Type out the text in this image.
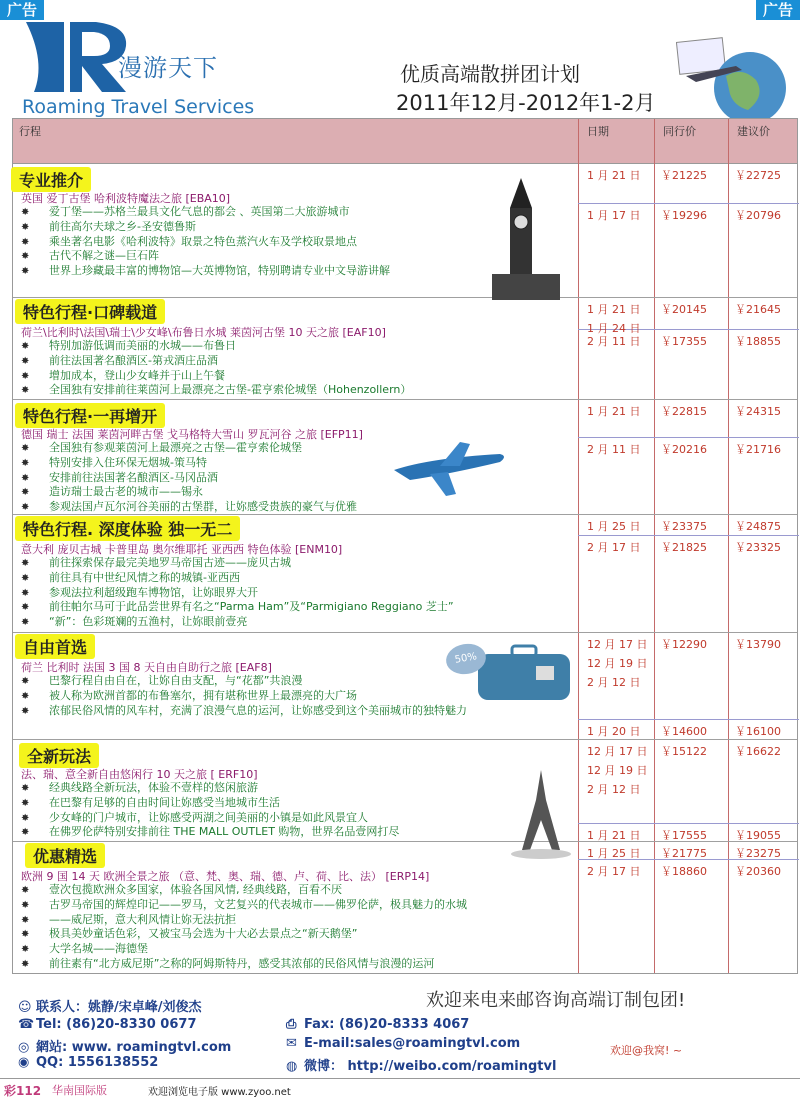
广告	广告
漫游天下
Roaming Travel Services
优质高端散拼团计划
2011年12月-2012年1-2月
行程	日期	同行价	建议价
专业推介
英国 爱丁古堡 哈利波特魔法之旅 [EBA10]
✸ 爱丁堡——苏格兰最具文化气息的都会 、英国第二大旅游城市
✸ 前往高尔夫球之乡-圣安德鲁斯
✸ 乘坐著名电影《哈利波特》取景之特色蒸汽火车及学校取景地点
✸ 古代不解之谜—巨石阵
✸ 世界上珍藏最丰富的博物馆—大英博物馆，特别聘请专业中文导游讲解
1 月 21 日 ￥21225	￥22725
1 月 17 日 ￥19296	￥20796
特色行程·口碑载道
荷兰\比利时\法国\瑞士\少女峰\布鲁日水城 莱茵河古堡 10 天之旅 [EAF10]
✸ 特别加游低调而美丽的水城——布鲁日
✸ 前往法国著名酿酒区-第戎酒庄品酒
✸ 增加成本，登山少女峰并于山上午餐
✸ 全国独有安排前往莱茵河上最漂亮之古堡-霍亨索伦城堡（Hohenzollern）
1 月 21 日
1 月 24 日
￥20145	￥21645
2 月 11 日 ￥17355	￥18855
特色行程·一再增开
德国 瑞士 法国 莱茵河畔古堡 戈马格特大雪山 罗瓦河谷 之旅 [EFP11]
✸ 全国独有参观莱茵河上最漂亮之古堡—霍亨索伦城堡
✸ 特别安排入住环保无烟城-策马特
✸ 安排前往法国著名酿酒区-马冈品酒
✸ 造访瑞士最古老的城市——锡永
✸ 参观法国卢瓦尔河谷美丽的古堡群，让妳感受贵族的豪气与优雅
1 月 21 日 ￥22815	￥24315
2 月 11 日 ￥20216	￥21716
特色行程. 深度体验 独一无二
意大利 庞贝古城 卡普里岛 奥尔维耶托 亚西西 特色体验 [ENM10]
✸ 前往探索保存最完美地罗马帝国古迹——庞贝古城
✸ 前往具有中世纪风情之称的城镇-亚西西
✸ 参观法拉利超级跑车博物馆，让妳眼界大开
✸ 前往帕尔马可于此品尝世界有名之“Parma Ham”及“Parmigiano Reggiano 芝士”
✸ “新”：色彩斑斓的五渔村，让妳眼前壹亮
1 月 25 日 ￥23375	￥24875
2 月 17 日 ￥21825	￥23325
自由首选
荷兰 比利时 法国 3 国 8 天自由自助行之旅 [EAF8]
✸ 巴黎行程自由自在，让妳自由支配，与“花都”共浪漫
✸ 被人称为欧洲首都的布鲁塞尔，拥有堪称世界上最漂亮的大广场
✸ 浓郁民俗风情的风车村，充满了浪漫气息的运河，让妳感受到这个美丽城市的独特魅力
12 月 17 日
12 月 19 日
2 月 12 日
￥12290	￥13790
1 月 20 日 ￥14600	￥16100
全新玩法
法、瑞、意全新自由悠闲行 10 天之旅 [ ERF10]
✸ 经典线路全新玩法，体验不壹样的悠闲旅游
✸ 在巴黎有足够的自由时间让妳感受当地城市生活
✸ 少女峰的门户城市，让妳感受两湖之间美丽的小镇是如此风景宜人
✸ 在佛罗伦萨特别安排前往 THE MALL OUTLET 购物，世界名品壹网打尽
12 月 17 日
12 月 19 日
2 月 12 日
￥15122	￥16622
1 月 21 日 ￥17555	￥19055
优惠精选
欧洲 9 国 14 天 欧洲全景之旅 （意、梵、奥、瑞、德、卢、荷、比、法） [ERP14]
✸ 壹次包揽欧洲众多国家，体验各国风情, 经典线路，百看不厌
✸ 古罗马帝国的辉煌印记——罗马，文艺复兴的代表城市——佛罗伦萨，极具魅力的水城
✸ ——威尼斯，意大利风情让妳无法抗拒
✸ 极具美妙童话色彩，又被宝马会选为十大必去景点之“新天鹅堡”
✸ 大学名城——海德堡
✸ 前往素有“北方威尼斯”之称的阿姆斯特丹，感受其浓郁的民俗风情与浪漫的运河
1 月 25 日 ￥21775	￥23275
2 月 17 日 ￥18860	￥20360
50%
☺ 联系人：姚静/宋卓峰/刘俊杰
☎ Tel: (86)20-8330 0677	⎙ Fax: (86)20-8333 4067
◎ 網站: www. roamingtvl.com	✉ E-mail:sales@roamingtvl.com
◉ QQ: 1556138552	◍ 微博： http://weibo.com/roamingtvl
欢迎来电来邮咨询高端订制包团!
欢迎@我窝! ~
彩112 华南国际版	欢迎浏览电子版 www.zyoo.net
